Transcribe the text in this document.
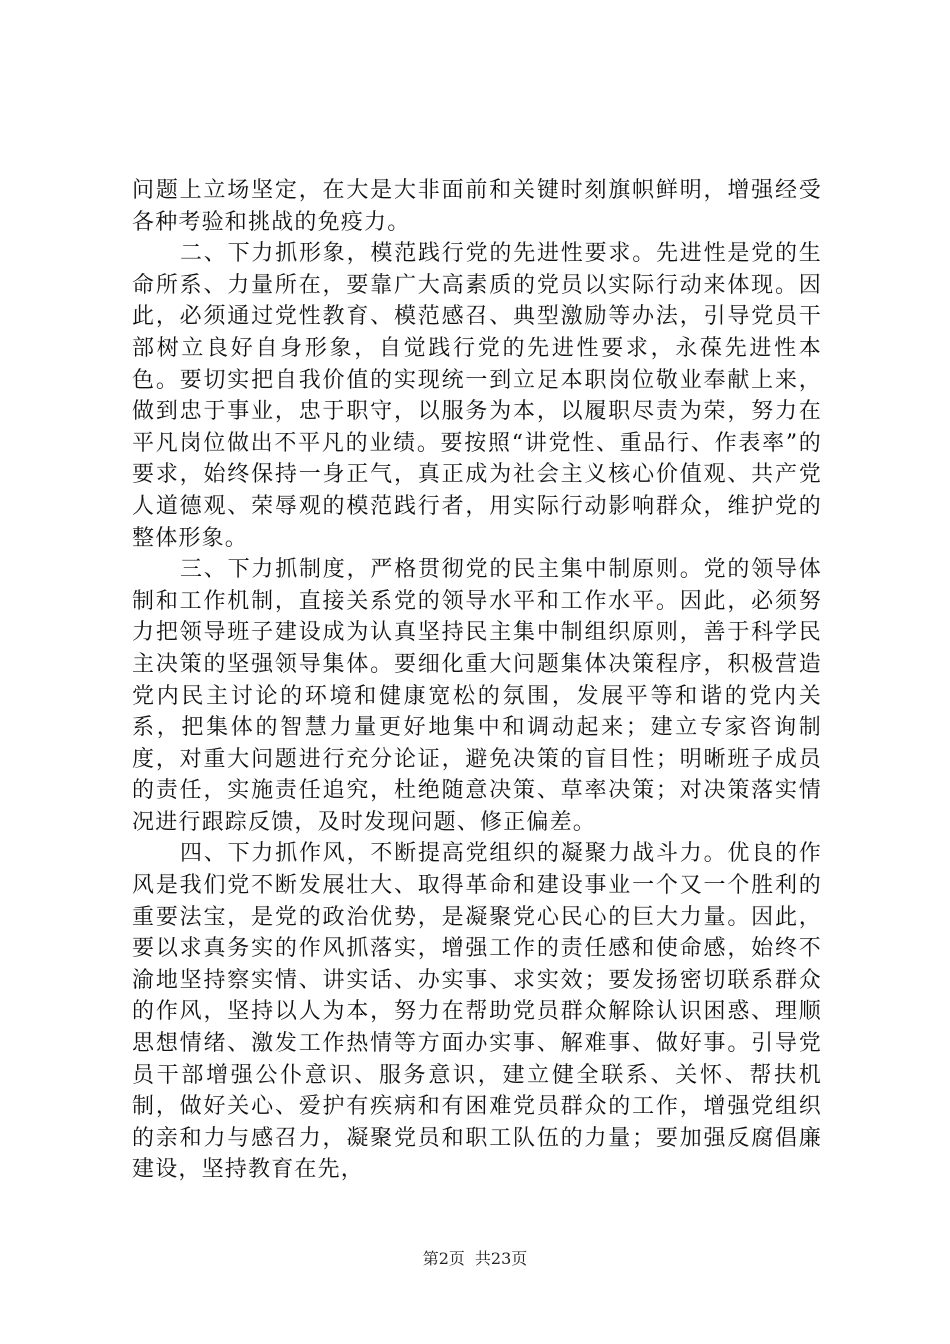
问题上立场坚定，在大是大非面前和关键时刻旗帜鲜明，增强经受各种考验和挑战的免疫力。

二、下力抓形象，模范践行党的先进性要求。先进性是党的生命所系、力量所在，要靠广大高素质的党员以实际行动来体现。因此，必须通过党性教育、模范感召、典型激励等办法，引导党员干部树立良好自身形象，自觉践行党的先进性要求，永葆先进性本色。要切实把自我价值的实现统一到立足本职岗位敬业奉献上来，做到忠于事业，忠于职守，以服务为本，以履职尽责为荣，努力在平凡岗位做出不平凡的业绩。要按照“讲党性、重品行、作表率”的要求，始终保持一身正气，真正成为社会主义核心价值观、共产党人道德观、荣辱观的模范践行者，用实际行动影响群众，维护党的整体形象。

三、下力抓制度，严格贯彻党的民主集中制原则。党的领导体制和工作机制，直接关系党的领导水平和工作水平。因此，必须努力把领导班子建设成为认真坚持民主集中制组织原则，善于科学民主决策的坚强领导集体。要细化重大问题集体决策程序，积极营造党内民主讨论的环境和健康宽松的氛围，发展平等和谐的党内关系，把集体的智慧力量更好地集中和调动起来；建立专家咨询制度，对重大问题进行充分论证，避免决策的盲目性；明晰班子成员的责任，实施责任追究，杜绝随意决策、草率决策；对决策落实情况进行跟踪反馈，及时发现问题、修正偏差。

四、下力抓作风，不断提高党组织的凝聚力战斗力。优良的作风是我们党不断发展壮大、取得革命和建设事业一个又一个胜利的重要法宝，是党的政治优势，是凝聚党心民心的巨大力量。因此，要以求真务实的作风抓落实，增强工作的责任感和使命感，始终不渝地坚持察实情、讲实话、办实事、求实效；要发扬密切联系群众的作风，坚持以人为本，努力在帮助党员群众解除认识困惑、理顺思想情绪、激发工作热情等方面办实事、解难事、做好事。引导党员干部增强公仆意识、服务意识，建立健全联系、关怀、帮扶机制，做好关心、爱护有疾病和有困难党员群众的工作，增强党组织的亲和力与感召力，凝聚党员和职工队伍的力量；要加强反腐倡廉建设，坚持教育在先，

第2页 共23页
